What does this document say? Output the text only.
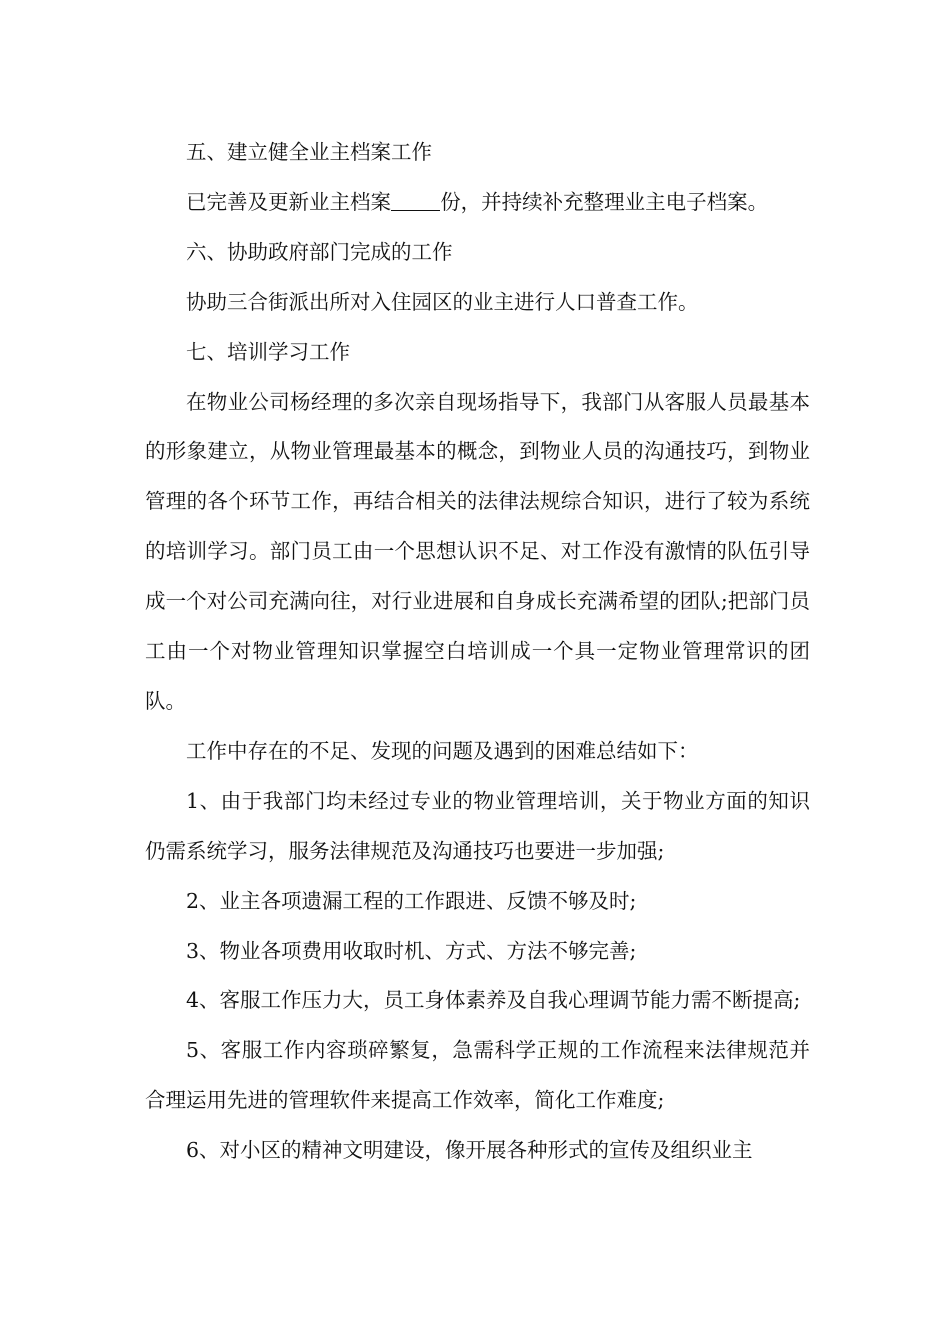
五、建立健全业主档案工作

已完善及更新业主档案 份，并持续补充整理业主电子档案。

六、协助政府部门完成的工作

协助三合街派出所对入住园区的业主进行人口普查工作。

七、培训学习工作

在物业公司杨经理的多次亲自现场指导下，我部门从客服人员最基本的形象建立，从物业管理最基本的概念，到物业人员的沟通技巧，到物业管理的各个环节工作，再结合相关的法律法规综合知识，进行了较为系统的培训学习。部门员工由一个思想认识不足、对工作没有激情的队伍引导成一个对公司充满向往，对行业进展和自身成长充满希望的团队;把部门员工由一个对物业管理知识掌握空白培训成一个具一定物业管理常识的团队。

工作中存在的不足、发现的问题及遇到的困难总结如下：

1、由于我部门均未经过专业的物业管理培训，关于物业方面的知识仍需系统学习，服务法律规范及沟通技巧也要进一步加强;

2、业主各项遗漏工程的工作跟进、反馈不够及时;

3、物业各项费用收取时机、方式、方法不够完善;

4、客服工作压力大，员工身体素养及自我心理调节能力需不断提高;

5、客服工作内容琐碎繁复，急需科学正规的工作流程来法律规范并合理运用先进的管理软件来提高工作效率，简化工作难度;

6、对小区的精神文明建设，像开展各种形式的宣传及组织业主
